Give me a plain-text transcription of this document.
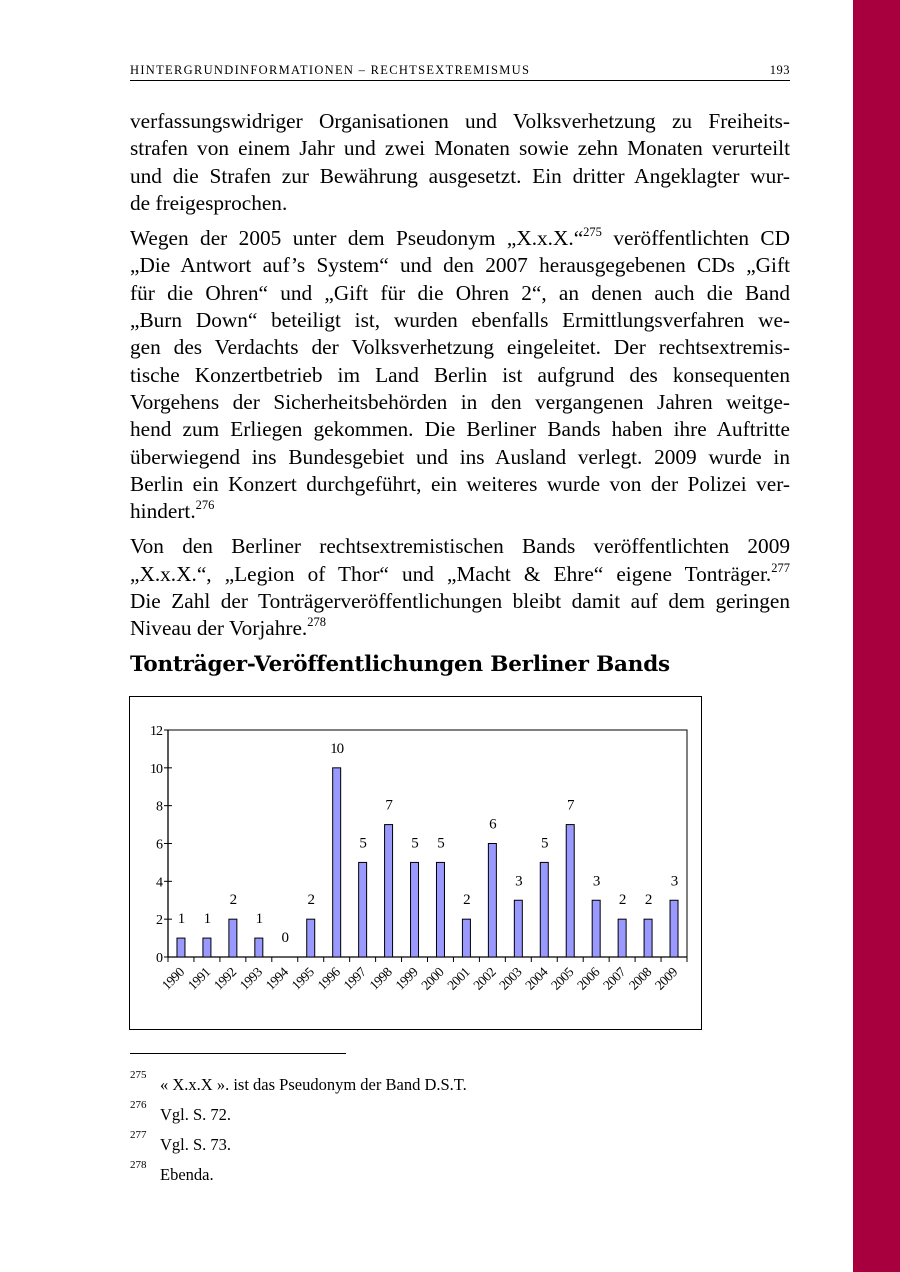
HINTERGRUNDINFORMATIONEN – RECHTSEXTREMISMUS	193

verfassungswidriger Organisationen und Volksverhetzung zu Freiheits-
strafen von einem Jahr und zwei Monaten sowie zehn Monaten verurteilt
und die Strafen zur Bewährung ausgesetzt. Ein dritter Angeklagter wur-
de freigesprochen.

Wegen der 2005 unter dem Pseudonym „X.x.X.“$^{275}$ veröffentlichten CD
„Die Antwort auf’s System“ und den 2007 herausgegebenen CDs „Gift
für die Ohren“ und „Gift für die Ohren 2“, an denen auch die Band
„Burn Down“ beteiligt ist, wurden ebenfalls Ermittlungsverfahren we-
gen des Verdachts der Volksverhetzung eingeleitet. Der rechtsextremis-
tische Konzertbetrieb im Land Berlin ist aufgrund des konsequenten
Vorgehens der Sicherheitsbehörden in den vergangenen Jahren weitge-
hend zum Erliegen gekommen. Die Berliner Bands haben ihre Auftritte
überwiegend ins Bundesgebiet und ins Ausland verlegt. 2009 wurde in
Berlin ein Konzert durchgeführt, ein weiteres wurde von der Polizei ver-
hindert.$^{276}$

Von den Berliner rechtsextremistischen Bands veröffentlichten 2009
„X.x.X.“, „Legion of Thor“ und „Macht & Ehre“ eigene Tonträger.$^{277}$
Die Zahl der Tonträgerveröffentlichungen bleibt damit auf dem geringen
Niveau der Vorjahre.$^{278}$

Tonträger-Veröffentlichungen Berliner Bands
0
2
4
6
8
10
12
1
1990
1
1991
2
1992
1
1993
0
1994
2
1995
10
1996
5
1997
7
1998
5
1999
5
2000
2
2001
6
2002
3
2003
5
2004
7
2005
3
2006
2
2007
2
2008
3
2009
275 « X.x.X ». ist das Pseudonym der Band D.S.T.
276 Vgl. S. 72.
277 Vgl. S. 73.
278 Ebenda.
